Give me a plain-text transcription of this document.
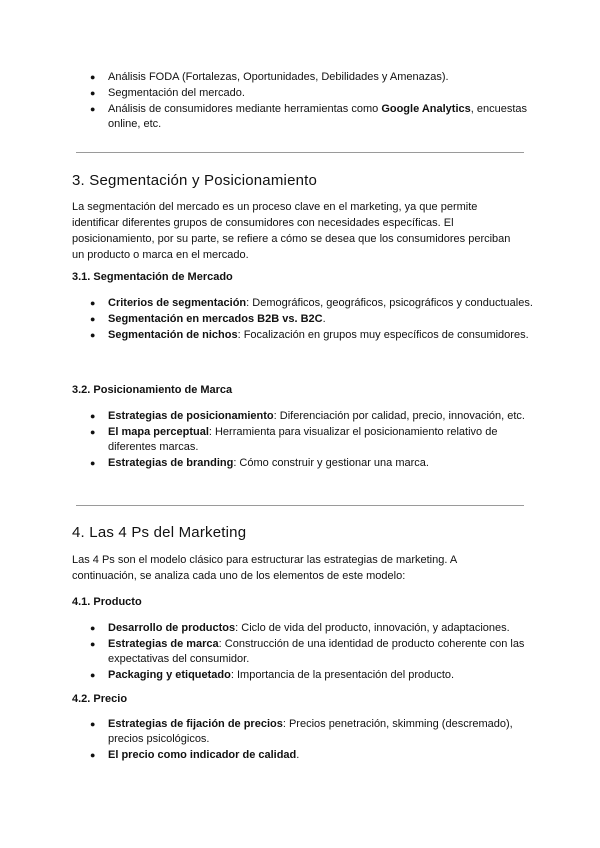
● Análisis FODA (Fortalezas, Oportunidades, Debilidades y Amenazas).
● Segmentación del mercado.
● Análisis de consumidores mediante herramientas como Google Analytics, encuestas online, etc.
3. Segmentación y Posicionamiento

La segmentación del mercado es un proceso clave en el marketing, ya que permite identificar diferentes grupos de consumidores con necesidades específicas. El posicionamiento, por su parte, se refiere a cómo se desea que los consumidores perciban un producto o marca en el mercado.

3.1. Segmentación de Mercado
● Criterios de segmentación: Demográficos, geográficos, psicográficos y conductuales.
● Segmentación en mercados B2B vs. B2C.
● Segmentación de nichos: Focalización en grupos muy específicos de consumidores.
3.2. Posicionamiento de Marca
● Estrategias de posicionamiento: Diferenciación por calidad, precio, innovación, etc.
● El mapa perceptual: Herramienta para visualizar el posicionamiento relativo de diferentes marcas.
● Estrategias de branding: Cómo construir y gestionar una marca.
4. Las 4 Ps del Marketing

Las 4 Ps son el modelo clásico para estructurar las estrategias de marketing. A continuación, se analiza cada uno de los elementos de este modelo:

4.1. Producto
● Desarrollo de productos: Ciclo de vida del producto, innovación, y adaptaciones.
● Estrategias de marca: Construcción de una identidad de producto coherente con las expectativas del consumidor.
● Packaging y etiquetado: Importancia de la presentación del producto.
4.2. Precio
● Estrategias de fijación de precios: Precios penetración, skimming (descremado), precios psicológicos.
● El precio como indicador de calidad.
